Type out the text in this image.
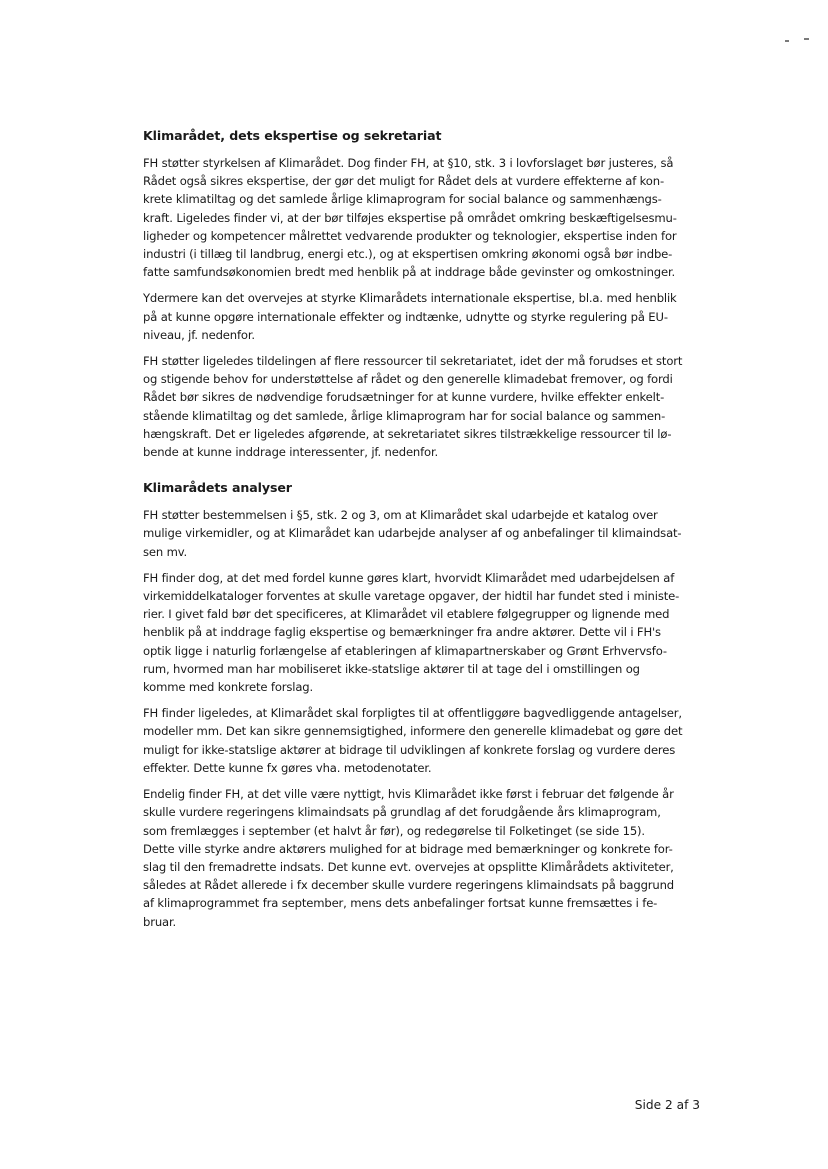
Klimarådet, dets ekspertise og sekretariat

FH støtter styrkelsen af Klimarådet. Dog finder FH, at §10, stk. 3 i lovforslaget bør justeres, så
Rådet også sikres ekspertise, der gør det muligt for Rådet dels at vurdere effekterne af kon-
krete klimatiltag og det samlede årlige klimaprogram for social balance og sammenhængs-
kraft. Ligeledes finder vi, at der bør tilføjes ekspertise på området omkring beskæftigelsesmu-
ligheder og kompetencer målrettet vedvarende produkter og teknologier, ekspertise inden for
industri (i tillæg til landbrug, energi etc.), og at ekspertisen omkring økonomi også bør indbe-
fatte samfundsøkonomien bredt med henblik på at inddrage både gevinster og omkostninger.

Ydermere kan det overvejes at styrke Klimarådets internationale ekspertise, bl.a. med henblik
på at kunne opgøre internationale effekter og indtænke, udnytte og styrke regulering på EU-
niveau, jf. nedenfor.

FH støtter ligeledes tildelingen af flere ressourcer til sekretariatet, idet der må forudses et stort
og stigende behov for understøttelse af rådet og den generelle klimadebat fremover, og fordi
Rådet bør sikres de nødvendige forudsætninger for at kunne vurdere, hvilke effekter enkelt-
stående klimatiltag og det samlede, årlige klimaprogram har for social balance og sammen-
hængskraft. Det er ligeledes afgørende, at sekretariatet sikres tilstrækkelige ressourcer til lø-
bende at kunne inddrage interessenter, jf. nedenfor.

Klimarådets analyser

FH støtter bestemmelsen i §5, stk. 2 og 3, om at Klimarådet skal udarbejde et katalog over
mulige virkemidler, og at Klimarådet kan udarbejde analyser af og anbefalinger til klimaindsat-
sen mv.

FH finder dog, at det med fordel kunne gøres klart, hvorvidt Klimarådet med udarbejdelsen af
virkemiddelkataloger forventes at skulle varetage opgaver, der hidtil har fundet sted i ministe-
rier. I givet fald bør det specificeres, at Klimarådet vil etablere følgegrupper og lignende med
henblik på at inddrage faglig ekspertise og bemærkninger fra andre aktører. Dette vil i FH's
optik ligge i naturlig forlængelse af etableringen af klimapartnerskaber og Grønt Erhvervsfo-
rum, hvormed man har mobiliseret ikke-statslige aktører til at tage del i omstillingen og
komme med konkrete forslag.

FH finder ligeledes, at Klimarådet skal forpligtes til at offentliggøre bagvedliggende antagelser,
modeller mm. Det kan sikre gennemsigtighed, informere den generelle klimadebat og gøre det
muligt for ikke-statslige aktører at bidrage til udviklingen af konkrete forslag og vurdere deres
effekter. Dette kunne fx gøres vha. metodenotater.

Endelig finder FH, at det ville være nyttigt, hvis Klimarådet ikke først i februar det følgende år
skulle vurdere regeringens klimaindsats på grundlag af det forudgående års klimaprogram,
som fremlægges i september (et halvt år før), og redegørelse til Folketinget (se side 15).
Dette ville styrke andre aktørers mulighed for at bidrage med bemærkninger og konkrete for-
slag til den fremadrette indsats. Det kunne evt. overvejes at opsplitte Klimårådets aktiviteter,
således at Rådet allerede i fx december skulle vurdere regeringens klimaindsats på baggrund
af klimaprogrammet fra september, mens dets anbefalinger fortsat kunne fremsættes i fe-
bruar.

Side 2 af 3
